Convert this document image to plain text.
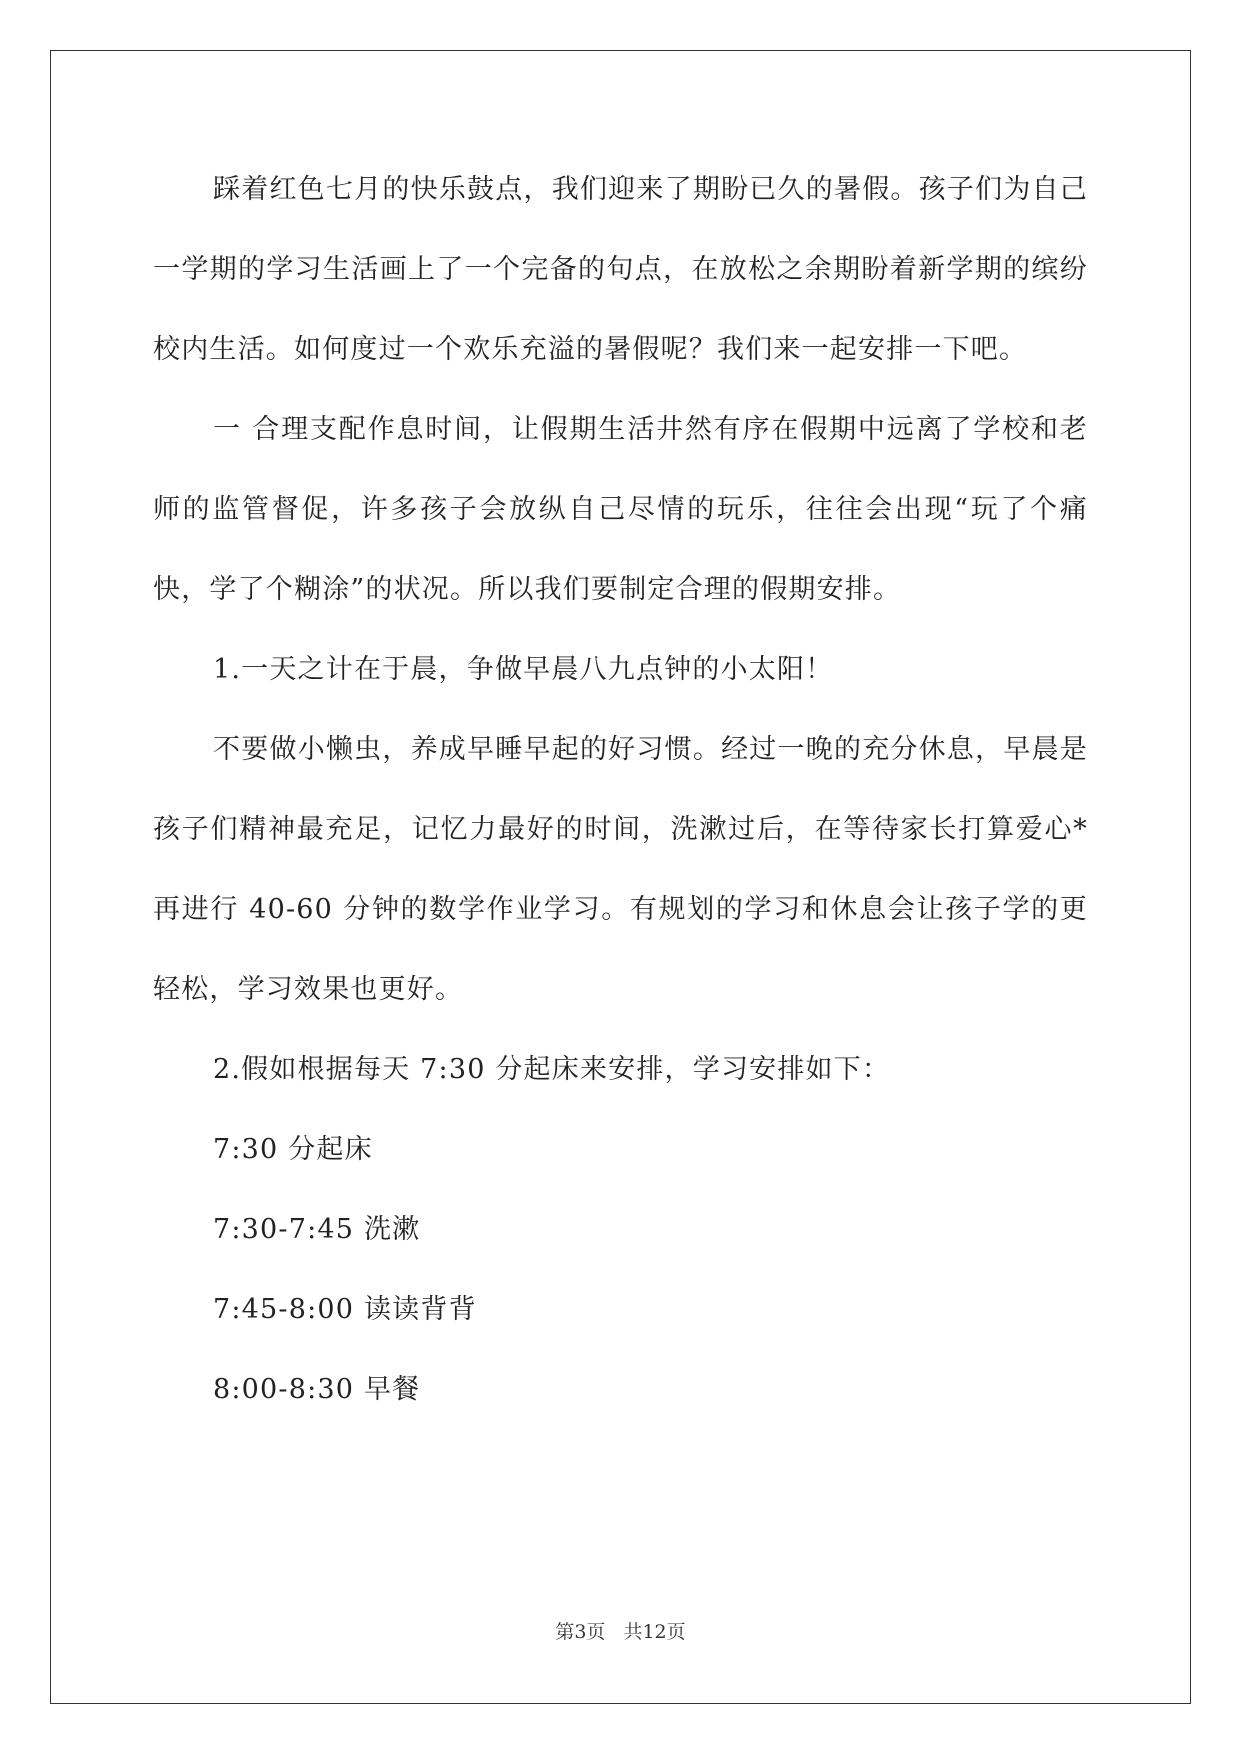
踩着红色七月的快乐鼓点，我们迎来了期盼已久的暑假。孩子们为自己一学期的学习生活画上了一个完备的句点，在放松之余期盼着新学期的缤纷校内生活。如何度过一个欢乐充溢的暑假呢？我们来一起安排一下吧。

一 合理支配作息时间，让假期生活井然有序在假期中远离了学校和老师的监管督促，许多孩子会放纵自己尽情的玩乐，往往会出现“玩了个痛快，学了个糊涂”的状况。所以我们要制定合理的假期安排。

1.一天之计在于晨，争做早晨八九点钟的小太阳！

不要做小懒虫，养成早睡早起的好习惯。经过一晚的充分休息，早晨是孩子们精神最充足，记忆力最好的时间，洗漱过后，在等待家长打算爱心*再进行 40-60 分钟的数学作业学习。有规划的学习和休息会让孩子学的更轻松，学习效果也更好。

2.假如根据每天 7:30 分起床来安排，学习安排如下：

7:30 分起床

7:30-7:45 洗漱

7:45-8:00 读读背背

8:00-8:30 早餐

第3页 共12页
